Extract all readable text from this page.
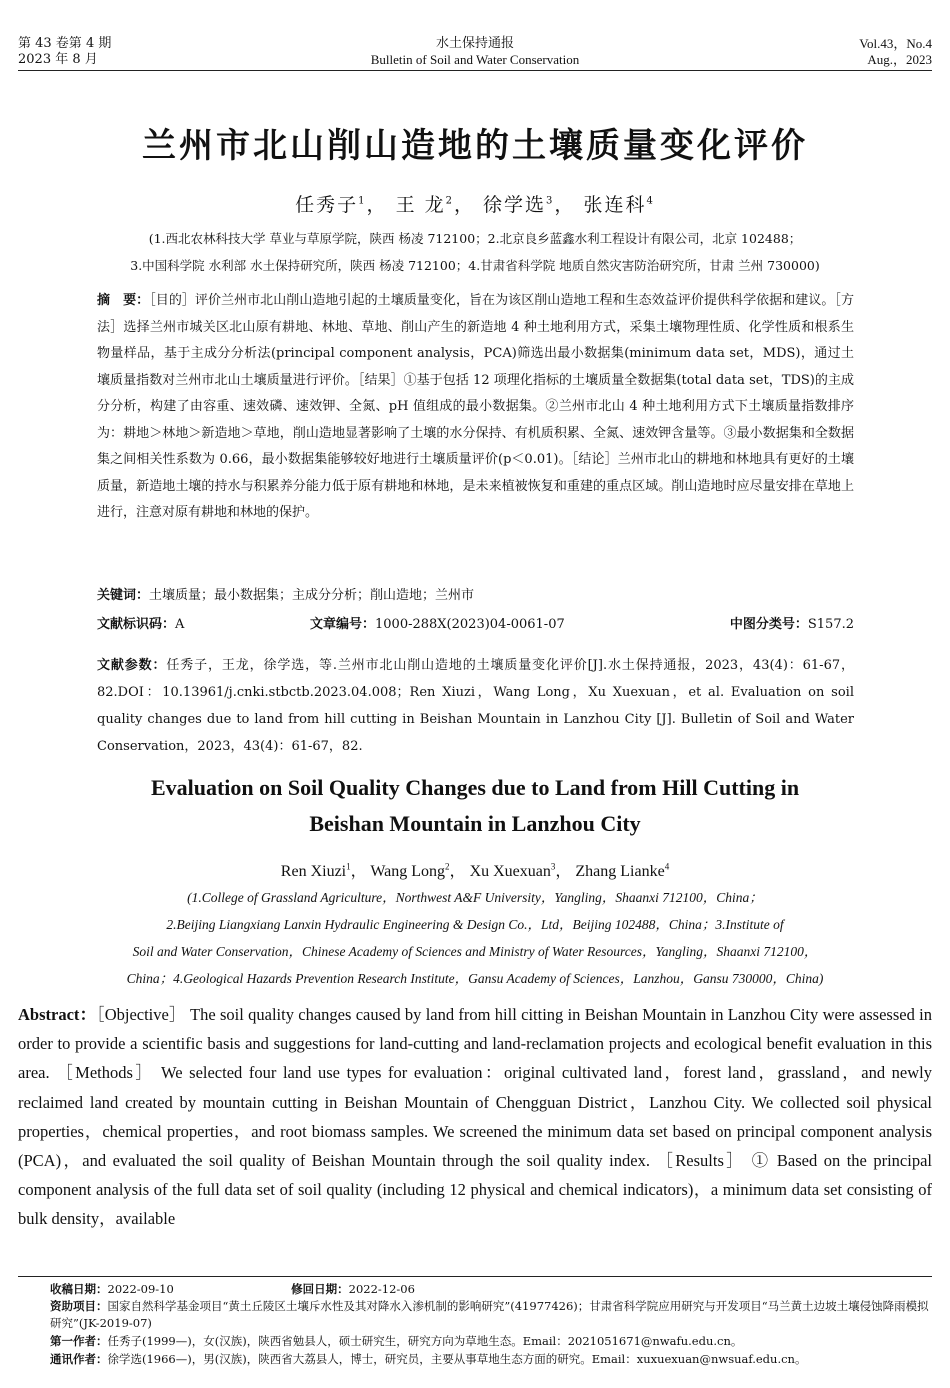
第 43 卷第 4 期
2023 年 8 月
水土保持通报
Bulletin of Soil and Water Conservation
Vol.43，No.4
Aug.，2023
兰州市北山削山造地的土壤质量变化评价
任秀子$^1$， 王 龙$^2$， 徐学选$^3$， 张连科$^4$
(1.西北农林科技大学 草业与草原学院，陕西 杨凌 712100；2.北京良乡蓝鑫水利工程设计有限公司，北京 102488；
3.中国科学院 水利部 水土保持研究所，陕西 杨凌 712100；4.甘肃省科学院 地质自然灾害防治研究所，甘肃 兰州 730000)
摘　要：［目的］评价兰州市北山削山造地引起的土壤质量变化，旨在为该区削山造地工程和生态效益评价提供科学依据和建议。［方法］选择兰州市城关区北山原有耕地、林地、草地、削山产生的新造地 4 种土地利用方式，采集土壤物理性质、化学性质和根系生物量样品，基于主成分分析法(principal component analysis，PCA)筛选出最小数据集(minimum data set，MDS)，通过土壤质量指数对兰州市北山土壤质量进行评价。［结果］①基于包括 12 项理化指标的土壤质量全数据集(total data set，TDS)的主成分分析，构建了由容重、速效磷、速效钾、全氮、pH 值组成的最小数据集。②兰州市北山 4 种土地利用方式下土壤质量指数排序为：耕地＞林地＞新造地＞草地，削山造地显著影响了土壤的水分保持、有机质积累、全氮、速效钾含量等。③最小数据集和全数据集之间相关性系数为 0.66，最小数据集能够较好地进行土壤质量评价(p＜0.01)。［结论］兰州市北山的耕地和林地具有更好的土壤质量，新造地土壤的持水与积累养分能力低于原有耕地和林地，是未来植被恢复和重建的重点区域。削山造地时应尽量安排在草地上进行，注意对原有耕地和林地的保护。
关键词：土壤质量；最小数据集；主成分分析；削山造地；兰州市
文献标识码：A	文章编号：1000-288X(2023)04-0061-07	中图分类号：S157.2
文献参数：任秀子，王龙，徐学选，等.兰州市北山削山造地的土壤质量变化评价[J].水土保持通报，2023，43(4)：61-67，82.DOI：10.13961/j.cnki.stbctb.2023.04.008；Ren Xiuzi，Wang Long，Xu Xuexuan，et al. Evaluation on soil quality changes due to land from hill cutting in Beishan Mountain in Lanzhou City [J]. Bulletin of Soil and Water Conservation，2023，43(4)：61-67，82.
Evaluation on Soil Quality Changes due to Land from Hill Cutting in
Beishan Mountain in Lanzhou City
Ren Xiuzi$^1$， Wang Long$^2$， Xu Xuexuan$^3$， Zhang Lianke$^4$
(1.College of Grassland Agriculture，Northwest A&F University，Yangling，Shaanxi 712100，China；
2.Beijing Liangxiang Lanxin Hydraulic Engineering & Design Co.，Ltd，Beijing 102488，China；3.Institute of
Soil and Water Conservation，Chinese Academy of Sciences and Ministry of Water Resources，Yangling，Shaanxi 712100，
China；4.Geological Hazards Prevention Research Institute，Gansu Academy of Sciences，Lanzhou，Gansu 730000，China)
Abstract：［Objective］ The soil quality changes caused by land from hill citting in Beishan Mountain in Lanzhou City were assessed in order to provide a scientific basis and suggestions for land-cutting and land-reclamation projects and ecological benefit evaluation in this area. ［Methods］ We selected four land use types for evaluation：original cultivated land，forest land，grassland，and newly reclaimed land created by mountain cutting in Beishan Mountain of Chengguan District，Lanzhou City. We collected soil physical properties，chemical properties，and root biomass samples. We screened the minimum data set based on principal component analysis (PCA)，and evaluated the soil quality of Beishan Mountain through the soil quality index. ［Results］ ① Based on the principal component analysis of the full data set of soil quality (including 12 physical and chemical indicators)，a minimum data set consisting of bulk density，available
收稿日期：2022-09-10	修回日期：2022-12-06
资助项目：国家自然科学基金项目“黄土丘陵区土壤斥水性及其对降水入渗机制的影响研究”(41977426)；甘肃省科学院应用研究与开发项目“马兰黄土边坡土壤侵蚀降雨模拟研究”(JK-2019-07)
第一作者：任秀子(1999—)，女(汉族)，陕西省勉县人，硕士研究生，研究方向为草地生态。Email：2021051671@nwafu.edu.cn。
通讯作者：徐学选(1966—)，男(汉族)，陕西省大荔县人，博士，研究员，主要从事草地生态方面的研究。Email：xuxuexuan@nwsuaf.edu.cn。
